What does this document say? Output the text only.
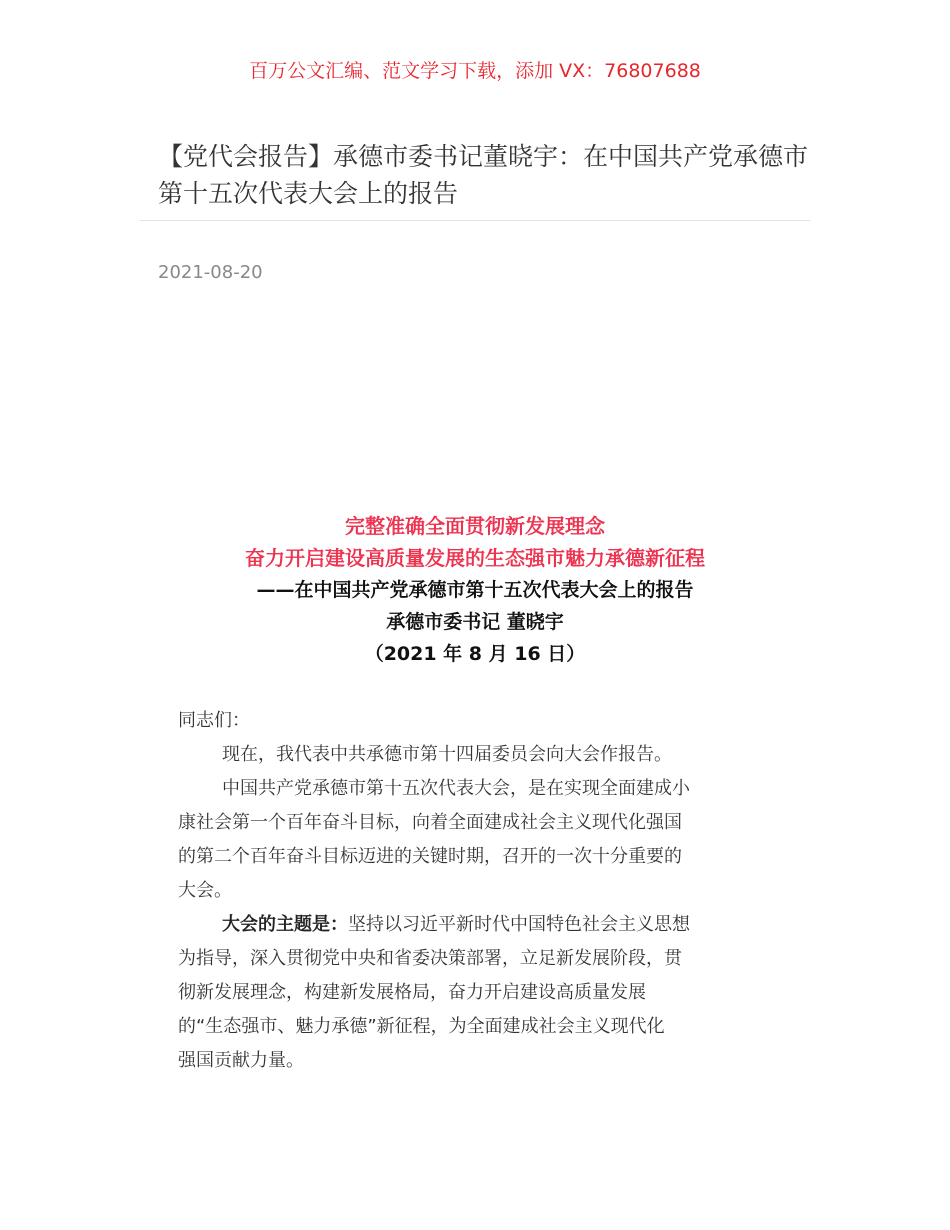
百万公文汇编、范文学习下载，添加 VX：76807688
【党代会报告】承德市委书记董晓宇：在中国共产党承德市第十五次代表大会上的报告
2021-08-20
完整准确全面贯彻新发展理念
奋力开启建设高质量发展的生态强市魅力承德新征程
——在中国共产党承德市第十五次代表大会上的报告
承德市委书记 董晓宇
（2021 年 8 月 16 日）
同志们：
现在，我代表中共承德市第十四届委员会向大会作报告。
中国共产党承德市第十五次代表大会，是在实现全面建成小
康社会第一个百年奋斗目标，向着全面建成社会主义现代化强国
的第二个百年奋斗目标迈进的关键时期，召开的一次十分重要的
大会。
大会的主题是：坚持以习近平新时代中国特色社会主义思想
为指导，深入贯彻党中央和省委决策部署，立足新发展阶段，贯
彻新发展理念，构建新发展格局，奋力开启建设高质量发展
的“生态强市、魅力承德”新征程，为全面建成社会主义现代化
强国贡献力量。
